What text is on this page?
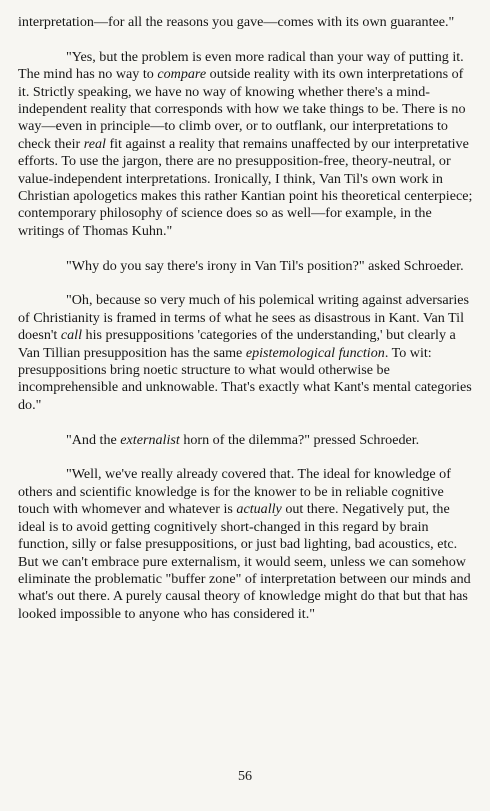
interpretation—for all the reasons you gave—comes with its own guarantee."

"Yes, but the problem is even more radical than your way of putting it. The mind has no way to compare outside reality with its own interpretations of it. Strictly speaking, we have no way of knowing whether there's a mind-independent reality that corresponds with how we take things to be. There is no way—even in principle—to climb over, or to outflank, our interpretations to check their real fit against a reality that remains unaffected by our interpretative efforts. To use the jargon, there are no presupposition-free, theory-neutral, or value-independent interpretations. Ironically, I think, Van Til's own work in Christian apologetics makes this rather Kantian point his theoretical centerpiece; contemporary philosophy of science does so as well—for example, in the writings of Thomas Kuhn."

"Why do you say there's irony in Van Til's position?" asked Schroeder.

"Oh, because so very much of his polemical writing against adversaries of Christianity is framed in terms of what he sees as disastrous in Kant. Van Til doesn't call his presuppositions 'categories of the understanding,' but clearly a Van Tillian presupposition has the same epistemological function. To wit: presuppositions bring noetic structure to what would otherwise be incomprehensible and unknowable. That's exactly what Kant's mental categories do."

"And the externalist horn of the dilemma?" pressed Schroeder.

"Well, we've really already covered that. The ideal for knowledge of others and scientific knowledge is for the knower to be in reliable cognitive touch with whomever and whatever is actually out there. Negatively put, the ideal is to avoid getting cognitively short-changed in this regard by brain function, silly or false presuppositions, or just bad lighting, bad acoustics, etc. But we can't embrace pure externalism, it would seem, unless we can somehow eliminate the problematic "buffer zone" of interpretation between our minds and what's out there. A purely causal theory of knowledge might do that but that has looked impossible to anyone who has considered it."

56
